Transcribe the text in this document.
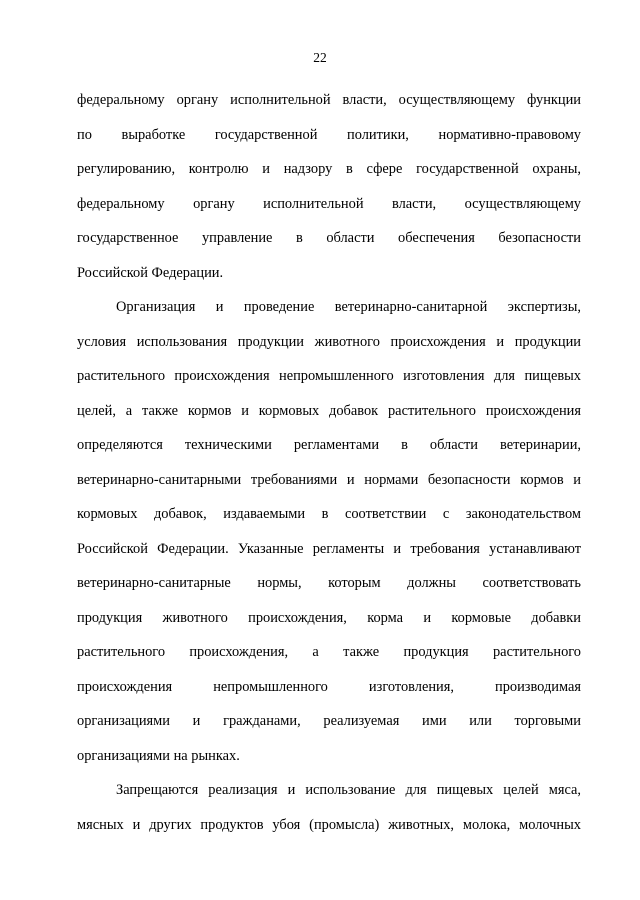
22
федеральному органу исполнительной власти, осуществляющему функции
по выработке государственной политики, нормативно-правовому
регулированию, контролю и надзору в сфере государственной охраны,
федеральному органу исполнительной власти, осуществляющему
государственное управление в области обеспечения безопасности
Российской Федерации.
Организация и проведение ветеринарно-санитарной экспертизы,
условия использования продукции животного происхождения и продукции
растительного происхождения непромышленного изготовления для пищевых
целей, а также кормов и кормовых добавок растительного происхождения
определяются техническими регламентами в области ветеринарии,
ветеринарно-санитарными требованиями и нормами безопасности кормов и
кормовых добавок, издаваемыми в соответствии с законодательством
Российской Федерации. Указанные регламенты и требования устанавливают
ветеринарно-санитарные нормы, которым должны соответствовать
продукция животного происхождения, корма и кормовые добавки
растительного происхождения, а также продукция растительного
происхождения непромышленного изготовления, производимая
организациями и гражданами, реализуемая ими или торговыми
организациями на рынках.
Запрещаются реализация и использование для пищевых целей мяса,
мясных и других продуктов убоя (промысла) животных, молока, молочных
